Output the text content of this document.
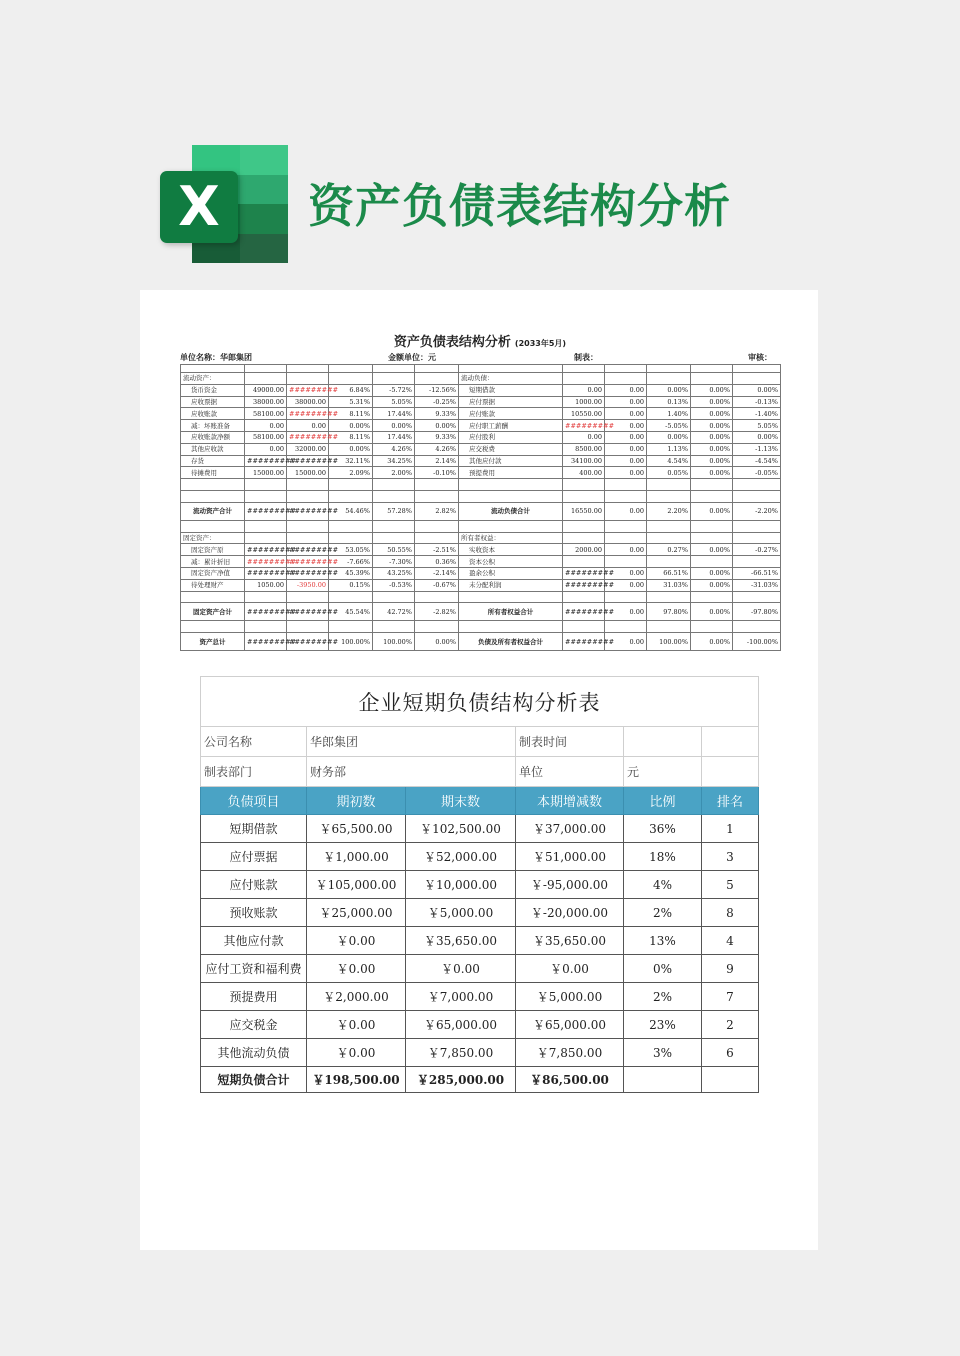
X	资产负债表结构分析
资产负债表结构分析 (2033年5月)
单位名称：华郎集团	金额单位：元	制表：	审核：

流动资产：						流动负债：					
货币资金	49000.00	#########	6.84%	-5.72%	-12.56%	短期借款	0.00	0.00	0.00%	0.00%	0.00%
应收票据	38000.00	38000.00	5.31%	5.05%	-0.25%	应付票据	1000.00	0.00	0.13%	0.00%	-0.13%
应收账款	58100.00	#########	8.11%	17.44%	9.33%	应付账款	10550.00	0.00	1.40%	0.00%	-1.40%
减：坏账准备	0.00	0.00	0.00%	0.00%	0.00%	应付职工薪酬	#########	0.00	-5.05%	0.00%	5.05%
应收账款净额	58100.00	#########	8.11%	17.44%	9.33%	应付股利	0.00	0.00	0.00%	0.00%	0.00%
其他应收款	0.00	32000.00	0.00%	4.26%	4.26%	应交税费	8500.00	0.00	1.13%	0.00%	-1.13%
存货	#########	#########	32.11%	34.25%	2.14%	其他应付款	34100.00	0.00	4.54%	0.00%	-4.54%
待摊费用	15000.00	15000.00	2.09%	2.00%	-0.10%	预提费用	400.00	0.00	0.05%	0.00%	-0.05%

流动资产合计	#########	#########	54.46%	57.28%	2.82%	流动负债合计	16550.00	0.00	2.20%	0.00%	-2.20%

固定资产：						所有者权益：					
固定资产原	#########	#########	53.05%	50.55%	-2.51%	实收资本	2000.00	0.00	0.27%	0.00%	-0.27%
减：累计折旧	#########	#########	-7.66%	-7.30%	0.36%	资本公积					
固定资产净值	#########	#########	45.39%	43.25%	-2.14%	盈余公积	#########	0.00	66.51%	0.00%	-66.51%
待处理财产	1050.00	-3950.00	0.15%	-0.53%	-0.67%	未分配利润	#########	0.00	31.03%	0.00%	-31.03%

固定资产合计	#########	#########	45.54%	42.72%	-2.82%	所有者权益合计	#########	0.00	97.80%	0.00%	-97.80%

资产总计	#########	#########	100.00%	100.00%	0.00%	负债及所有者权益合计	#########	0.00	100.00%	0.00%	-100.00%
企业短期负债结构分析表					
公司名称	华郎集团		制表时间		
制表部门	财务部		单位	元	
负债项目	期初数	期末数	本期增减数	比例	排名
短期借款	￥65,500.00	￥102,500.00	￥37,000.00	36%	1
应付票据	￥1,000.00	￥52,000.00	￥51,000.00	18%	3
应付账款	￥105,000.00	￥10,000.00	￥-95,000.00	4%	5
预收账款	￥25,000.00	￥5,000.00	￥-20,000.00	2%	8
其他应付款	￥0.00	￥35,650.00	￥35,650.00	13%	4
应付工资和福利费	￥0.00	￥0.00	￥0.00	0%	9
预提费用	￥2,000.00	￥7,000.00	￥5,000.00	2%	7
应交税金	￥0.00	￥65,000.00	￥65,000.00	23%	2
其他流动负债	￥0.00	￥7,850.00	￥7,850.00	3%	6
短期负债合计	￥198,500.00	￥285,000.00	￥86,500.00		
